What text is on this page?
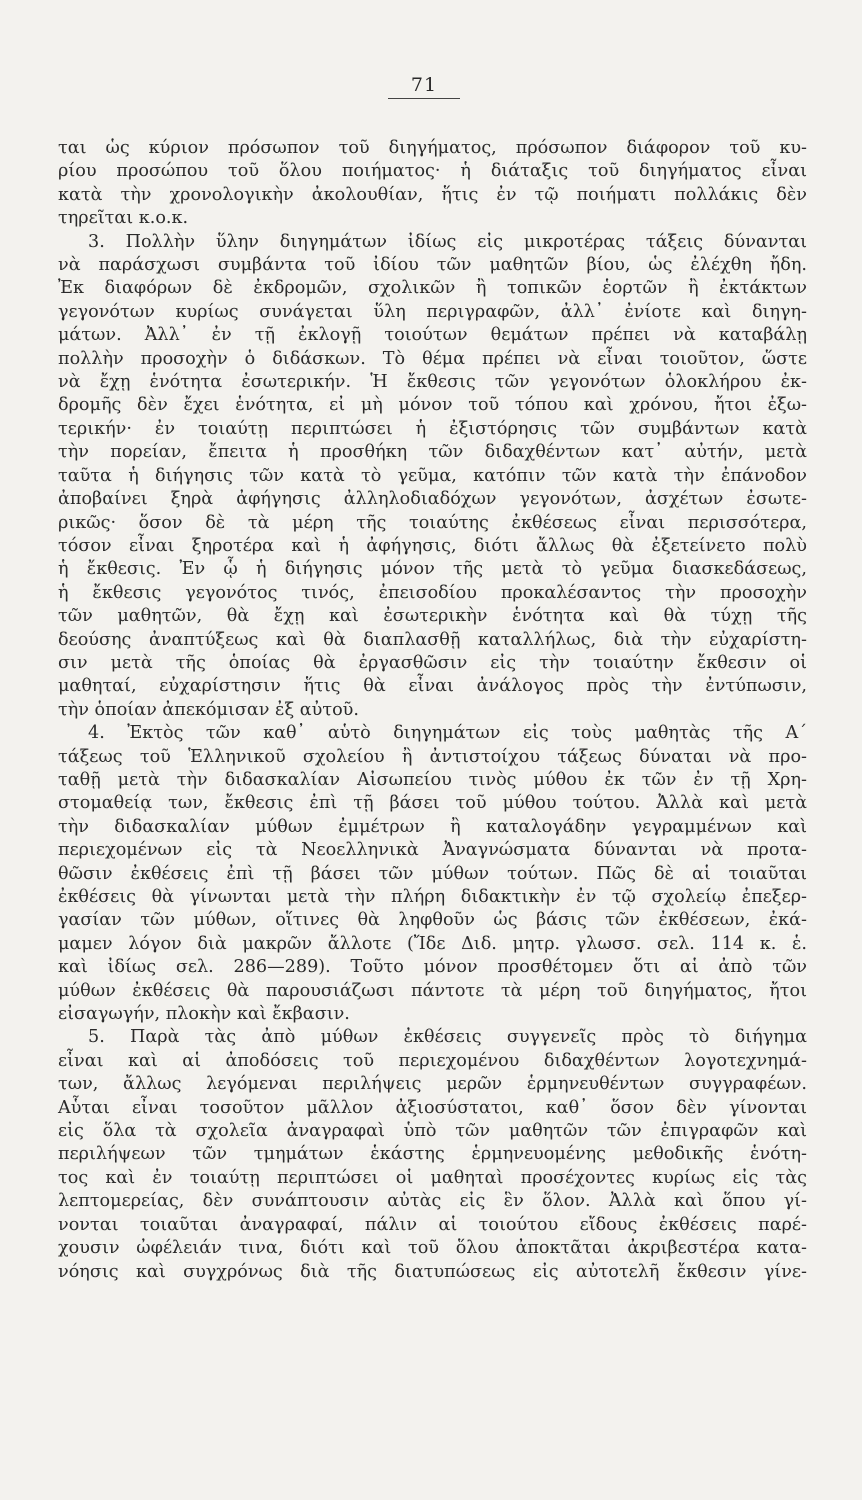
71
ται ὡς κύριον πρόσωπον τοῦ διηγήματος, πρόσωπον διάφορον τοῦ κυ-
ρίου προσώπου τοῦ ὅλου ποιήματος· ἡ διάταξις τοῦ διηγήματος εἶναι
κατὰ τὴν χρονολογικὴν ἀκολουθίαν, ἥτις ἐν τῷ ποιήματι πολλάκις δὲν
τηρεῖται κ.ο.κ.
3. Πολλὴν ὕλην διηγημάτων ἰδίως εἰς μικροτέρας τάξεις δύνανται
νὰ παράσχωσι συμβάντα τοῦ ἰδίου τῶν μαθητῶν βίου, ὡς ἐλέχθη ἤδη.
Ἐκ διαφόρων δὲ ἐκδρομῶν, σχολικῶν ἢ τοπικῶν ἑορτῶν ἢ ἐκτάκτων
γεγονότων κυρίως συνάγεται ὕλη περιγραφῶν, ἀλλ᾽ ἐνίοτε καὶ διηγη-
μάτων. Ἀλλ᾽ ἐν τῇ ἐκλογῇ τοιούτων θεμάτων πρέπει νὰ καταβάλῃ
πολλὴν προσοχὴν ὁ διδάσκων. Τὸ θέμα πρέπει νὰ εἶναι τοιοῦτον, ὥστε
νὰ ἔχῃ ἑνότητα ἐσωτερικήν. Ἡ ἔκθεσις τῶν γεγονότων ὁλοκλήρου ἐκ-
δρομῆς δὲν ἔχει ἑνότητα, εἰ μὴ μόνον τοῦ τόπου καὶ χρόνου, ἤτοι ἐξω-
τερικήν· ἐν τοιαύτῃ περιπτώσει ἡ ἐξιστόρησις τῶν συμβάντων κατὰ
τὴν πορείαν, ἔπειτα ἡ προσθήκη τῶν διδαχθέντων κατ᾽ αὐτήν, μετὰ
ταῦτα ἡ διήγησις τῶν κατὰ τὸ γεῦμα, κατόπιν τῶν κατὰ τὴν ἐπάνοδον
ἀποβαίνει ξηρὰ ἀφήγησις ἀλληλοδιαδόχων γεγονότων, ἀσχέτων ἐσωτε-
ρικῶς· ὅσον δὲ τὰ μέρη τῆς τοιαύτης ἐκθέσεως εἶναι περισσότερα,
τόσον εἶναι ξηροτέρα καὶ ἡ ἀφήγησις, διότι ἄλλως θὰ ἐξετείνετο πολὺ
ἡ ἔκθεσις. Ἐν ᾧ ἡ διήγησις μόνον τῆς μετὰ τὸ γεῦμα διασκεδάσεως,
ἡ ἔκθεσις γεγονότος τινός, ἐπεισοδίου προκαλέσαντος τὴν προσοχὴν
τῶν μαθητῶν, θὰ ἔχῃ καὶ ἐσωτερικὴν ἑνότητα καὶ θὰ τύχῃ τῆς
δεούσης ἀναπτύξεως καὶ θὰ διαπλασθῇ καταλλήλως, διὰ τὴν εὐχαρίστη-
σιν μετὰ τῆς ὁποίας θὰ ἐργασθῶσιν εἰς τὴν τοιαύτην ἔκθεσιν οἱ
μαθηταί, εὐχαρίστησιν ἥτις θὰ εἶναι ἀνάλογος πρὸς τὴν ἐντύπωσιν,
τὴν ὁποίαν ἀπεκόμισαν ἐξ αὐτοῦ.
4. Ἐκτὸς τῶν καθ᾽ αὑτὸ διηγημάτων εἰς τοὺς μαθητὰς τῆς Α´
τάξεως τοῦ Ἑλληνικοῦ σχολείου ἢ ἀντιστοίχου τάξεως δύναται νὰ προ-
ταθῇ μετὰ τὴν διδασκαλίαν Αἰσωπείου τινὸς μύθου ἐκ τῶν ἐν τῇ Χρη-
στομαθείᾳ των, ἔκθεσις ἐπὶ τῇ βάσει τοῦ μύθου τούτου. Ἀλλὰ καὶ μετὰ
τὴν διδασκαλίαν μύθων ἐμμέτρων ἢ καταλογάδην γεγραμμένων καὶ
περιεχομένων εἰς τὰ Νεοελληνικὰ Ἀναγνώσματα δύνανται νὰ προτα-
θῶσιν ἐκθέσεις ἐπὶ τῇ βάσει τῶν μύθων τούτων. Πῶς δὲ αἱ τοιαῦται
ἐκθέσεις θὰ γίνωνται μετὰ τὴν πλήρη διδακτικὴν ἐν τῷ σχολείῳ ἐπεξερ-
γασίαν τῶν μύθων, οἵτινες θὰ ληφθοῦν ὡς βάσις τῶν ἐκθέσεων, ἐκά-
μαμεν λόγον διὰ μακρῶν ἄλλοτε (Ἴδε Διδ. μητρ. γλωσσ. σελ. 114 κ. ἑ.
καὶ ἰδίως σελ. 286—289). Τοῦτο μόνον προσθέτομεν ὅτι αἱ ἀπὸ τῶν
μύθων ἐκθέσεις θὰ παρουσιάζωσι πάντοτε τὰ μέρη τοῦ διηγήματος, ἤτοι
εἰσαγωγήν, πλοκὴν καὶ ἔκβασιν.
5. Παρὰ τὰς ἀπὸ μύθων ἐκθέσεις συγγενεῖς πρὸς τὸ διήγημα
εἶναι καὶ αἱ ἀποδόσεις τοῦ περιεχομένου διδαχθέντων λογοτεχνημά-
των, ἄλλως λεγόμεναι περιλήψεις μερῶν ἑρμηνευθέντων συγγραφέων.
Αὗται εἶναι τοσοῦτον μᾶλλον ἀξιοσύστατοι, καθ᾽ ὅσον δὲν γίνονται
εἰς ὅλα τὰ σχολεῖα ἀναγραφαὶ ὑπὸ τῶν μαθητῶν τῶν ἐπιγραφῶν καὶ
περιλήψεων τῶν τμημάτων ἑκάστης ἑρμηνευομένης μεθοδικῆς ἑνότη-
τος καὶ ἐν τοιαύτῃ περιπτώσει οἱ μαθηταὶ προσέχοντες κυρίως εἰς τὰς
λεπτομερείας, δὲν συνάπτουσιν αὐτὰς εἰς ἓν ὅλον. Ἀλλὰ καὶ ὅπου γί-
νονται τοιαῦται ἀναγραφαί, πάλιν αἱ τοιούτου εἴδους ἐκθέσεις παρέ-
χουσιν ὠφέλειάν τινα, διότι καὶ τοῦ ὅλου ἀποκτᾶται ἀκριβεστέρα κατα-
νόησις καὶ συγχρόνως διὰ τῆς διατυπώσεως εἰς αὐτοτελῆ ἔκθεσιν γίνε-
